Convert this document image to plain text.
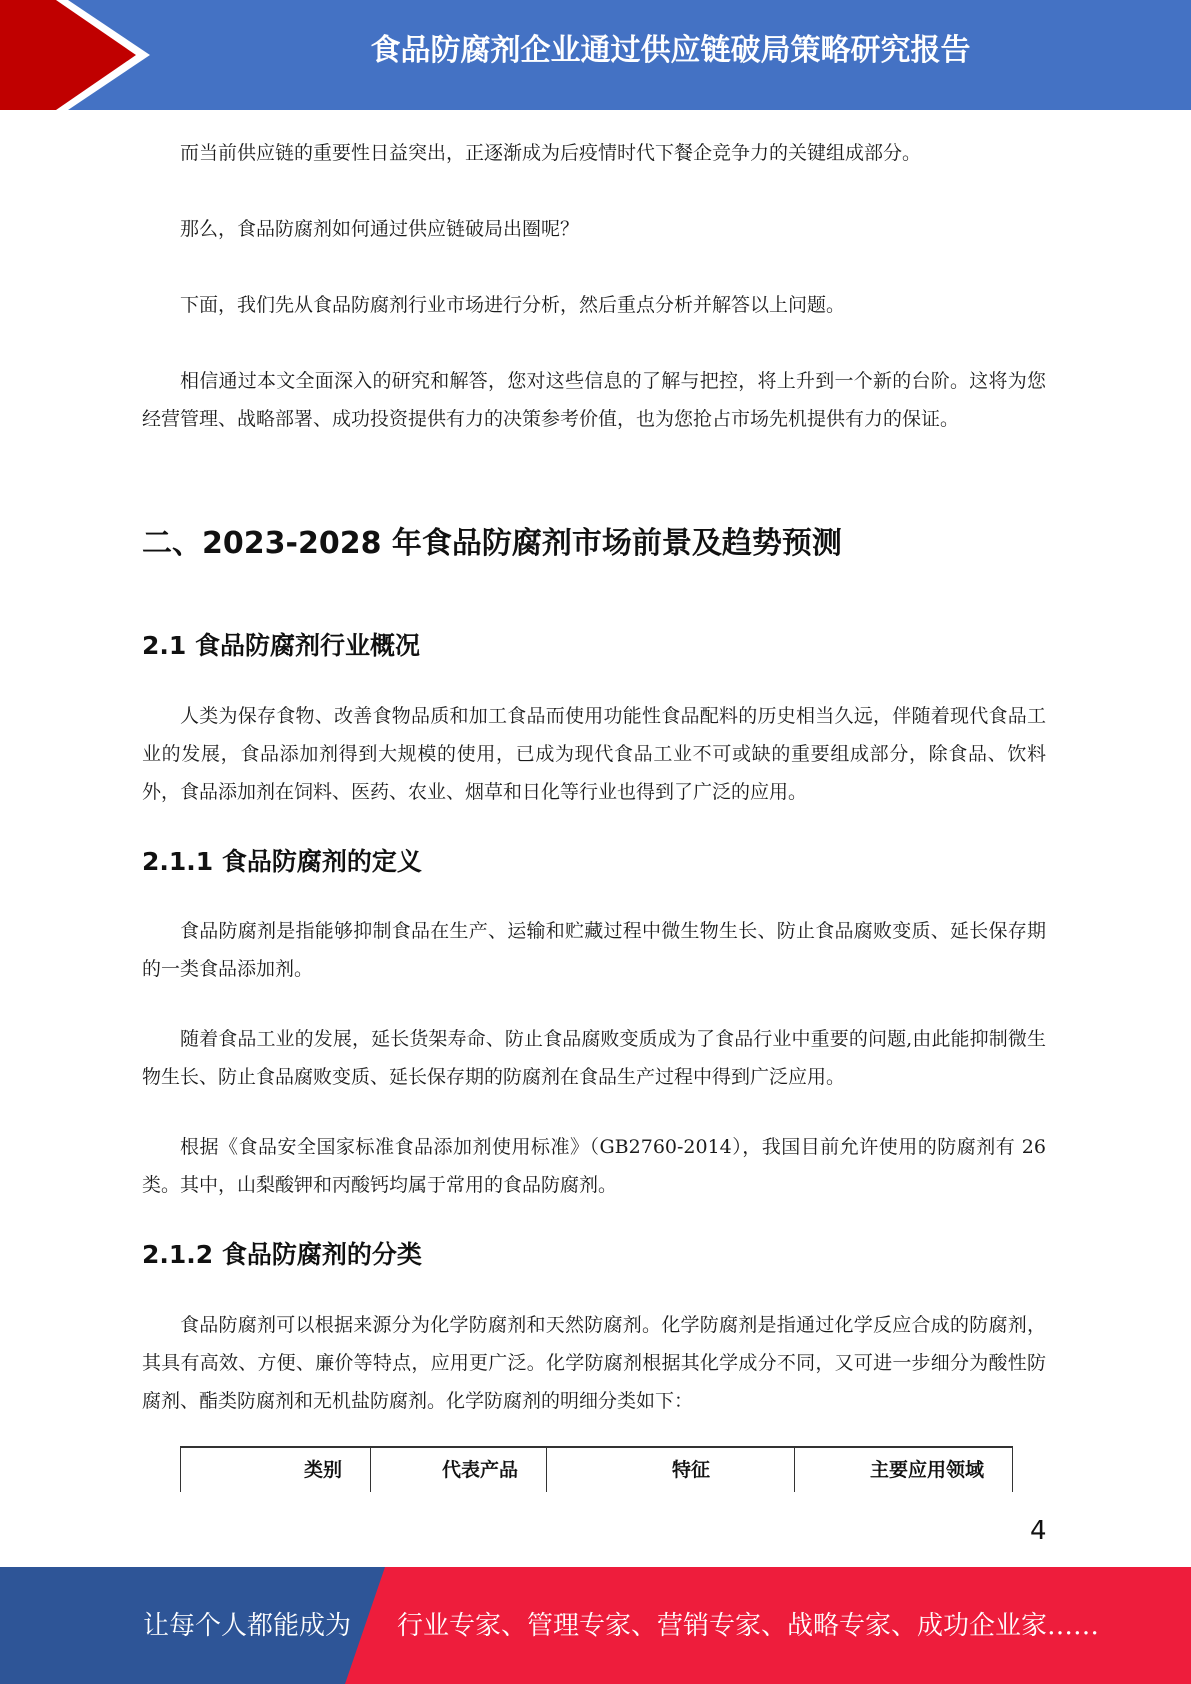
食品防腐剂企业通过供应链破局策略研究报告

而当前供应链的重要性日益突出，正逐渐成为后疫情时代下餐企竞争力的关键组成部分。

那么，食品防腐剂如何通过供应链破局出圈呢？

下面，我们先从食品防腐剂行业市场进行分析，然后重点分析并解答以上问题。

相信通过本文全面深入的研究和解答，您对这些信息的了解与把控，将上升到一个新的台阶。这将为您经营管理、战略部署、成功投资提供有力的决策参考价值，也为您抢占市场先机提供有力的保证。

二、2023-2028 年食品防腐剂市场前景及趋势预测
2.1 食品防腐剂行业概况

人类为保存食物、改善食物品质和加工食品而使用功能性食品配料的历史相当久远，伴随着现代食品工业的发展，食品添加剂得到大规模的使用，已成为现代食品工业不可或缺的重要组成部分，除食品、饮料外，食品添加剂在饲料、医药、农业、烟草和日化等行业也得到了广泛的应用。

2.1.1 食品防腐剂的定义

食品防腐剂是指能够抑制食品在生产、运输和贮藏过程中微生物生长、防止食品腐败变质、延长保存期的一类食品添加剂。

随着食品工业的发展，延长货架寿命、防止食品腐败变质成为了食品行业中重要的问题,由此能抑制微生物生长、防止食品腐败变质、延长保存期的防腐剂在食品生产过程中得到广泛应用。

根据《食品安全国家标准食品添加剂使用标准》（GB2760-2014），我国目前允许使用的防腐剂有 26 类。其中，山梨酸钾和丙酸钙均属于常用的食品防腐剂。

2.1.2 食品防腐剂的分类

食品防腐剂可以根据来源分为化学防腐剂和天然防腐剂。化学防腐剂是指通过化学反应合成的防腐剂，其具有高效、方便、廉价等特点，应用更广泛。化学防腐剂根据其化学成分不同，又可进一步细分为酸性防腐剂、酯类防腐剂和无机盐防腐剂。化学防腐剂的明细分类如下：

类别	代表产品	特征	主要应用领域
4
让每个人都能成为 行业专家、管理专家、营销专家、战略专家、成功企业家……
